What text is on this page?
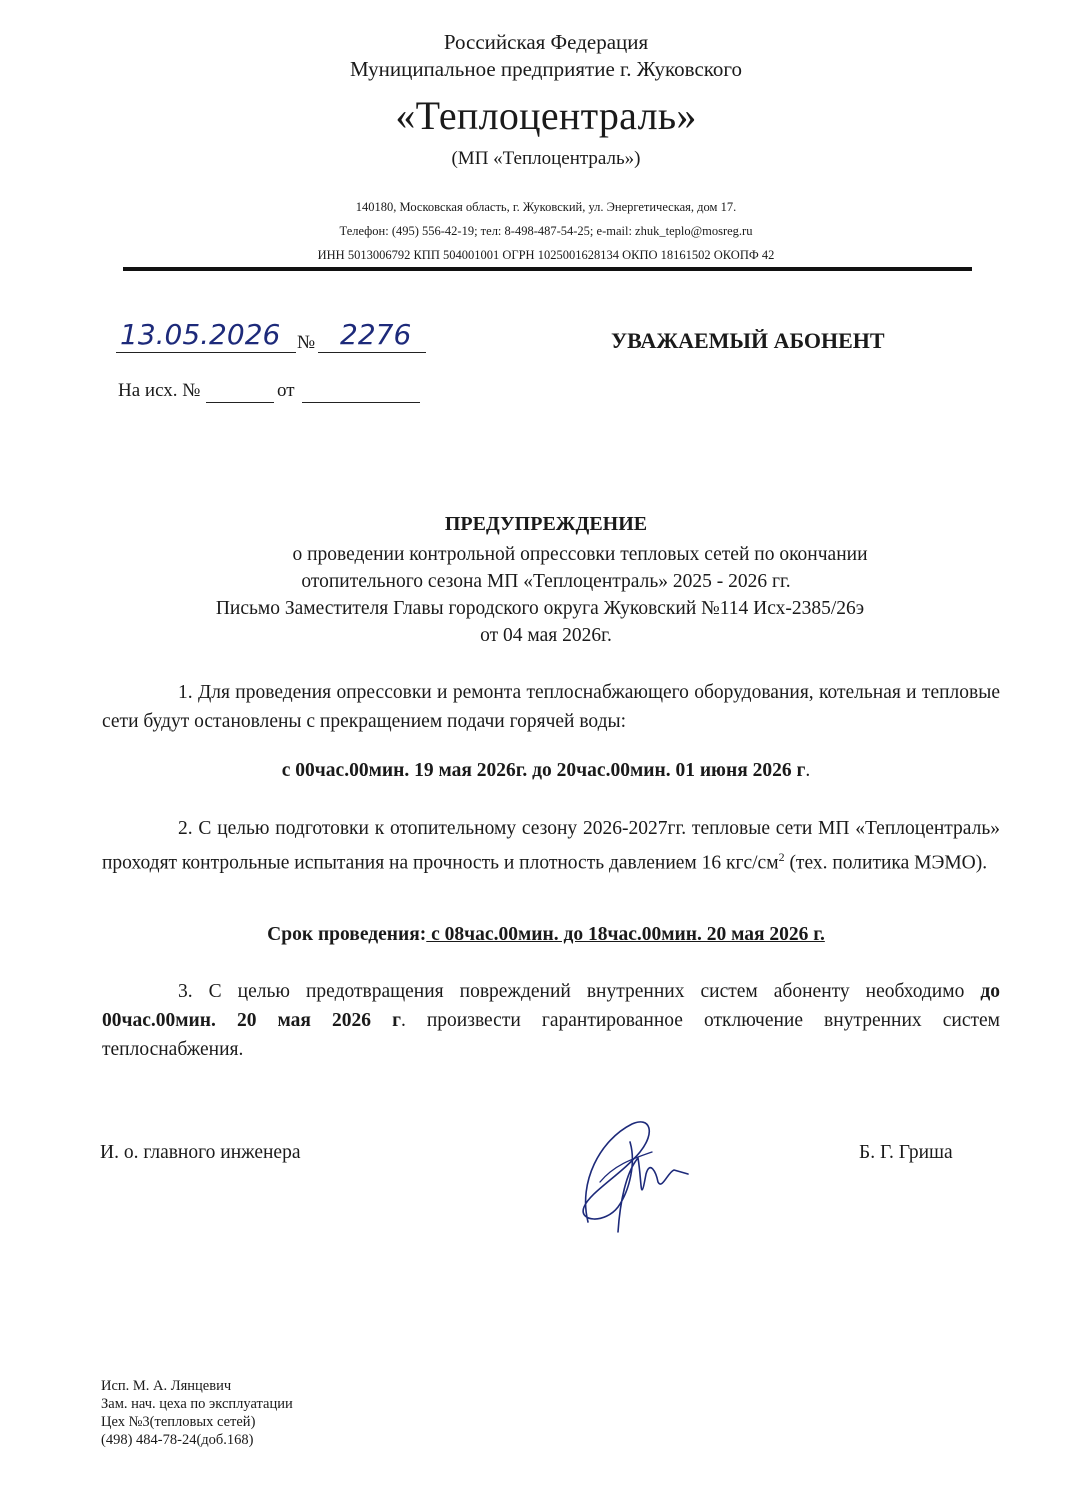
Российская Федерация
Муниципальное предприятие г. Жуковского
«Теплоцентраль»
(МП «Теплоцентраль»)
140180, Московская область, г. Жуковский, ул. Энергетическая, дом 17.
Телефон: (495) 556-42-19; тел: 8-498-487-54-25; e-mail: zhuk_teplo@mosreg.ru
ИНН 5013006792 КПП 504001001 ОГРН 1025001628134 ОКПО 18161502 ОКОПФ 42
13.05.2026 № 2276	УВАЖАЕМЫЙ АБОНЕНТ
На исх. №	от
ПРЕДУПРЕЖДЕНИЕ
о проведении контрольной опрессовки тепловых сетей по окончании
отопительного сезона МП «Теплоцентраль» 2025 - 2026 гг.
Письмо Заместителя Главы городского округа Жуковский №114 Исх-2385/26э
от 04 мая 2026г.
1. Для проведения опрессовки и ремонта теплоснабжающего оборудования, котельная и тепловые сети будут остановлены с прекращением подачи горячей воды:
с 00час.00мин. 19 мая 2026г. до 20час.00мин. 01 июня 2026 г.
2. С целью подготовки к отопительному сезону 2026-2027гг. тепловые сети МП «Теплоцентраль» проходят контрольные испытания на прочность и плотность давлением 16 кгс/$см^2$ (тех. политика МЭМО).
Срок проведения: с 08час.00мин. до 18час.00мин. 20 мая 2026 г.
3. С целью предотвращения повреждений внутренних систем абоненту необходимо до 00час.00мин. 20 мая 2026 г. произвести гарантированное отключение внутренних систем теплоснабжения.
И. о. главного инженера	Б. Г. Гриша
Исп. М. А. Лянцевич
Зам. нач. цеха по эксплуатации
Цех №3(тепловых сетей)
(498) 484-78-24(доб.168)
